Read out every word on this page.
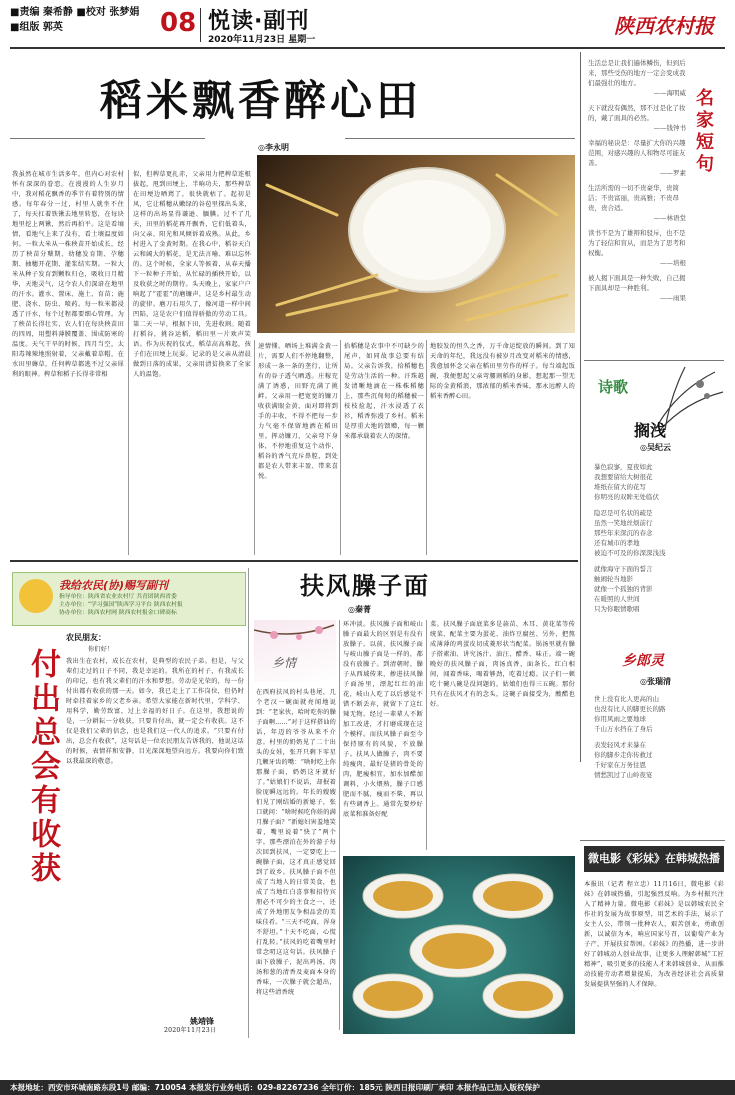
■责编 秦希静 ■校对 张梦娟
■组版 郭英	08 悦读·副刊
2020年11月23日 星期一
陕西农村报
稻米飘香醉心田
◎李永明
我虽然在城市生活多年，但内心对农村怀有深深的眷恋。在漫漫的人生岁月中，我对稻花飘香的季节有着特别的情感。每年春分一过，村里人就坐不住了，每天扛着铁锹去地里转悠，在每块地里挖上两锹，然后再拍平。这是看墒情，看地气上来了没有，看土壤温度如何。一粒大米从一株秧苗开始成长，经历了秧苗分蘖期、幼穗发育期、孕穗期、抽穗开花期、灌浆结实期。一粒大米从种子发育到颗粒归仓，吸收日月精华，天地灵气，这令农人们深谙在地里的汗水。灌水、置床、施土、育苗；施肥、浇水、防虫、喷药。每一粒米都浸透了汗水，每个过程都要细心管理。为了秧苗长得壮实，农人们在每块秧苗田的四周，用塑料薄膜覆盖、围成防寒的温度。天气干旱的时候，四月当空，太阳毒辣辣地照射着，父亲戴着草帽，在水田里薅草，任何稗草都逃不过父亲犀利的眼神。稗草和稻子长得非常相
似，但稗草更扎赤，父亲用力把稗草连根拔起，甩到田埂上，半晌功夫，那些稗草在田埂边晒蔫了，很快就枯了。起初是风，它让稻穗从嫩绿的谷苞里探出头来，这样的出场显得谦逊、腼腆。过不了几天，田里的稻花再开飘香，它们低着头，向父亲、阳光和风倾诉着成熟。从此，乡村进入了金黄时期。在我心中，稻谷天白云和阔大的稻花，是无法言喻、难以忘怀的。这个时候，全家人等候着，从春天播下一粒种子开始，从忙碌的插秧开始，以及收获之时的期待。头天晚上，家家户户响起了“霍霍”的磨镰声，这是乡村最生动的旋律。磨刀石用久了，像河道一样中间凹陷，这是农户们值得骄傲的劳动工具。第二天一早，根据下田，先进收割。随着打稻谷，挑谷运稻，稻田里一片欢声笑语。作为庆祝的仪式，稻草高高堆起，孩子们在田埂上玩耍。记录的是父亲从清晨做到日落的成果，父亲用清贫换来了全家人的温饱。
速情懂。晒场上堆满金黄一片，需要人们不停地翻整，形成一条一条的垄行，让所有的谷子透气晒透。庄稼充满了诱惑，田野充满了挑衅。父亲用一把宽宽的镰刀收获满眼金黄，面对即将到手的丰收，不得不把每一步力气毫不保留地洒在稻田里。挥动镰刀，父亲弯下身体，不停地重复这个动作，稻谷的香气充斥鼻腔，到处都是农人带来丰盈、带来喜悦。
拾稻穗是农事中不可缺少的尾声，如同故事总要有结局。父亲告诉我，拾稻穗也是劳动生活的一种。汗珠越发清晰地滴在一株株稻穗上，那些沉甸甸的稻穗被一枝枝捡起，汗水浸透了衣衫，稻香弥漫了乡村。稻米是厚重大地的馈赠，每一颗米都承载着农人的深情。
地胶发的恒久之香，万千命运绽放的瞬间。到了知天命的年纪，我远没有被岁月改变对稻米的情感，我愈加怀念父亲在稻田里劳作的样子。每当端起饭碗，我便想起父亲弯腰割稻的身影，想起那一望无际的金黄稻浪，那浓郁的稻米香味，那永远醉人的稻米香醉心田。
名家短句
生活总是让我们遍体鳞伤，但到后来，那些受伤的地方一定会变成我们最强壮的地方。
——海明威
天下就没有偶然，那不过是化了妆的，戴了面具的必然。
——钱钟书
幸福的秘诀是：尽量扩大你的兴趣范围，对感兴趣的人和物尽可能友善。
——罗素
生活所需的一切不贵豪华，贵简洁；不贵富丽，贵高雅；不贵昂贵，贵合适。
——林语堂
读书不是为了雄辩和驳斥，也不是为了轻信和盲从，而是为了思考和权衡。
——培根
被人揭下面具是一种失败，自己揭下面具却是一种胜利。
——雨果
诗歌
搁浅
◎吴纪云
暴色寂寥，夏夜如此
我想要留给大树很花
堆纸在留大的花写
你明亮的双眸无处临伏
隐忍是可名状的疏是
虽然一笑地丝烦前行
那些年来深沉的春念
还有城市的孝地
被迫不可及的你深深浅浅
就像海守下面的誓言
触闹轮当地影
就像一个孤独的背影
在暖照的人世间
只为你眠情歌唱
乡郎灵
◎张瑞清
世上没有比人更高的山
也没有比人的脚更长的路
你用风雨之要地球
千山万水挡在了身后
表发轻风才来暴在
你的脚步走你传救过
千好家在万务往恩
情愁凯过了山岭夜宴
我给农民(协)赐写副刊
指导单位：陕西省农业农村厅 共青团陕西省委
主办单位：“学习强国”陕西学习平台 陕西农村报
协办单位：陕西农村网 陕西农村报金口碑商标
付出总会有收获
农民朋友：
你们好！
我出生在农村，成长在农村，是典型的农民子弟。但是，与父辈们走过的日子不同，我是幸运的。我所在的村子，有我成长的印记，也有我父辈们的汗水和梦想。劳动是光荣的，每一份付出都有收获的那一天。如今，我已走上了工作岗位，但仍时时牵挂着家乡的父老乡亲。希望大家能在新时代里，学科学、用科学，勤劳致富，过上幸福的好日子。在这里，我想说的是，一分耕耘一分收获，只要肯付出，就一定会有收获。这不仅是我们父辈的信念，也是我们这一代人的追求。“只要有付出，总会有收获”，这句话是一位农民朋友告诉我的，他说这话的时候，表情祥和安静，目光深深地望向远方。我要向你们致以我最深的敬意。
姚靖锋
2020年11月23日
扶风臊子面
◎秦菁
乡情
在西府扶风的村头巷尾，几个老汉一碗面就亮闻地说到：“老家伙，哈时吃你的臊子面啊……”对于这样搭讪的话，年迈的爷爷从来不介意。村里的奶奶见了二十出头的女娃，张开只剩下零星几颗牙齿的嘴：“啥时吃上你那臊子面，奶奶这牙就好了。”姑娘们不说话，却抿着脸庞瞬远远的。年长的嫂嫂们见了刚结婚的新媳子，张口就问：“啥时候吃你娃的满月臊子面？”新媳妇害羞地笑着，嘴里说着“快了”两个字。那些漂泊在外的游子每次回到扶风，一定要吃上一碗臊子面，这才真正感觉回到了故乡。扶风臊子面不但成了当地人的日常美食，也成了当地红白喜事和招待宾朋必不可少的主食之一，还成了外地朋友争相品尝的美味佳肴。“三天不吃面，浑身不舒坦。”十天不吃面，心慌打乱转。”扶风的吃着嘴里时常念叨这这句话。扶风臊子面下放臊子，泥出鸡汤，肉汤和葱的清香及麦面本身的香味，一次臊子就会超出，将这些清香统
环冲淡。扶风臊子面和岐山臊子面最大的区别是有没有放臊子。以前，扶风臊子面与岐山臊子面是一样的，都没有放臊子。到清朝时，臊子从西域传来，掺进扶风臊子面汤里，漂起红红的油花，岐山人吃了以后感觉不错不断丢弃，就留下了这红辣无物。经过一辈辈人不断加工改进，才打磨成现在这个模样。而扶风臊子面至今保持原有的风貌，不放臊子。扶风人做臊子，肉不要纯瘦肉，最好是猪的骨处的肉，肥瘦相宜，加水加醋加调料，小火煨熟，臊子口感肥而不腻，瘦而不柴，再以有些调香上。通常先要炒好底菜和准备好配
菜。扶风臊子面底菜多是蒜苗、木耳、黄花菜等传统菜，配菜主要为蛋花、油炸豆腐丝、另外，把熬成薄薄的鸡蛋皮切成菱形状当配菜。锅汤里就有臊子搭素油、讲究汤汁、油汪、醋香、味正。端一碗晚好的扶风臊子面，肉汤真香，面条长，红白相间，闻着香味，喝着够劲，吃着过瘾。汉子们一顿吃十碗八碗是没问题的，姑娘们也得三五碗。那份只有在扶风才有的念头，这碗子面接受为，酸醋也好。
微电影《彩妹》在韩城热播
本报讯（记者 程立忠）11月16日，微电影《彩妹》在韩城热播，引起强烈反响。为乡村振兴注入了精神力量。微电影《彩妹》是以韩城农民全作社的发展为故事原型，用艺术的手法，展示了女主人公，带领一批种农人，艰苦创业，勇敢创新，以诚信为本，响应国家号召，以葡萄产业为子产，开展扶贫帮困。《彩妹》的热播，进一步讲好了韩城动人创业故事，让更多人理解韩城“工匠精神”，吸引更多的技能人才来韩城创业，从而推动技能劳动者增量提质，为改善经济社会高质量发展提供坚强的人才保障。
本报地址：西安市环城南路东段1号 邮编：710054 本报发行业务电话：029-82267236 全年订价：185元 陕西日报印刷厂承印 本报作品已加入版权保护
